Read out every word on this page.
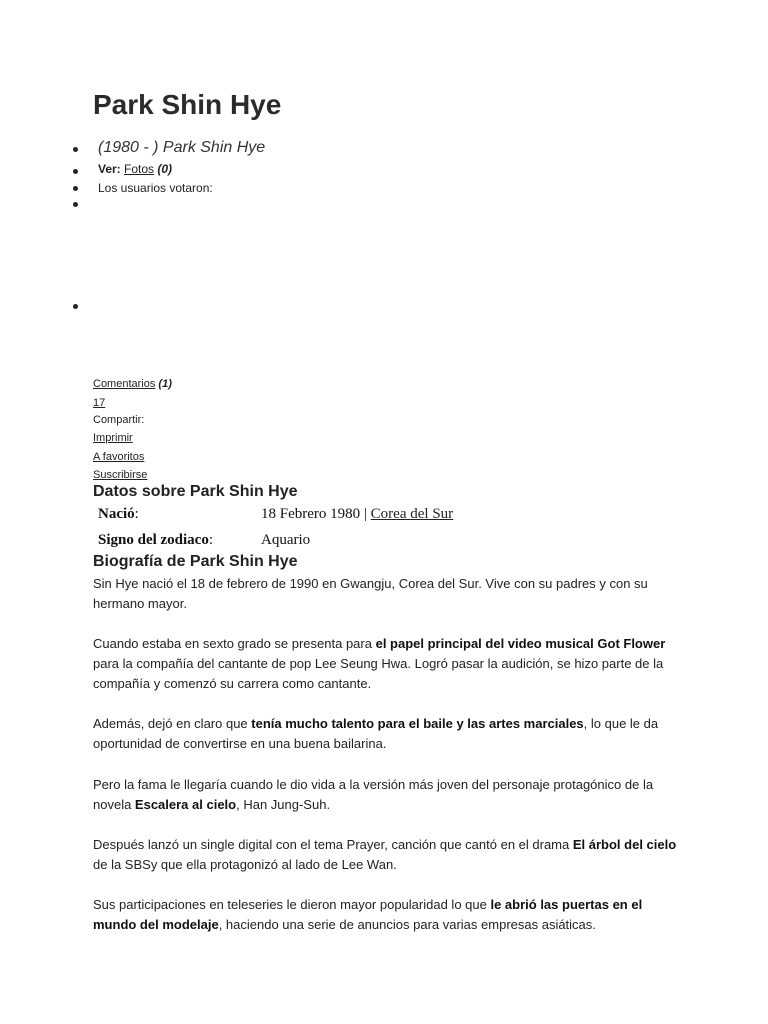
Park Shin Hye
(1980 - ) Park Shin Hye
Ver: Fotos (0)
Los usuarios votaron:
Comentarios (1)
17
Compartir:
Imprimir
A favoritos
Suscribirse
Datos sobre Park Shin Hye
Nació:	18 Febrero 1980 | Corea del Sur
Signo del zodiaco:	Aquario
Biografía de Park Shin Hye

Sin Hye nació el 18 de febrero de 1990 en Gwangju, Corea del Sur. Vive con su padres y con su hermano mayor.

Cuando estaba en sexto grado se presenta para el papel principal del video musical Got Flower para la compañía del cantante de pop Lee Seung Hwa. Logró pasar la audición, se hizo parte de la compañía y comenzó su carrera como cantante.

Además, dejó en claro que tenía mucho talento para el baile y las artes marciales, lo que le da oportunidad de convertirse en una buena bailarina.

Pero la fama le llegaría cuando le dio vida a la versión más joven del personaje protagónico de la novela Escalera al cielo, Han Jung-Suh.

Después lanzó un single digital con el tema Prayer, canción que cantó en el drama El árbol del cielo de la SBSy que ella protagonizó al lado de Lee Wan.

Sus participaciones en teleseries le dieron mayor popularidad lo que le abrió las puertas en el mundo del modelaje, haciendo una serie de anuncios para varias empresas asiáticas.
